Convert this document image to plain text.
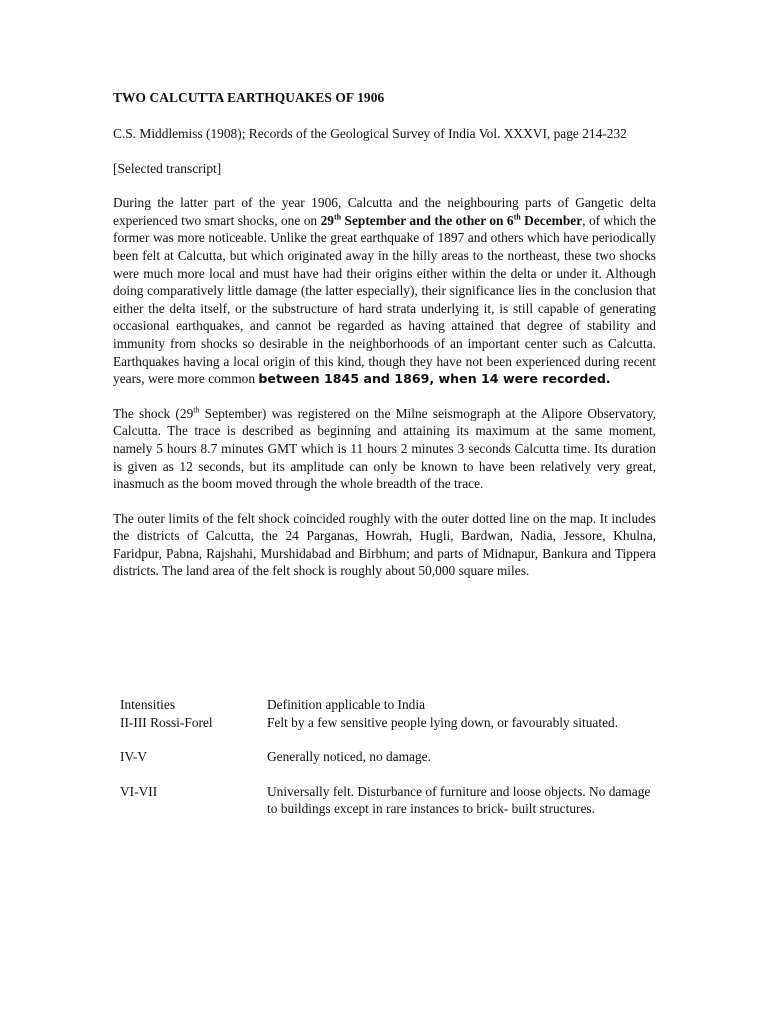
TWO CALCUTTA EARTHQUAKES OF 1906

C.S. Middlemiss (1908); Records of the Geological Survey of India Vol. XXXVI, page 214-232

[Selected transcript]

During the latter part of the year 1906, Calcutta and the neighbouring parts of Gangetic delta experienced two smart shocks, one on 29th September and the other on 6th December, of which the former was more noticeable. Unlike the great earthquake of 1897 and others which have periodically been felt at Calcutta, but which originated away in the hilly areas to the northeast, these two shocks were much more local and must have had their origins either within the delta or under it. Although doing comparatively little damage (the latter especially), their significance lies in the conclusion that either the delta itself, or the substructure of hard strata underlying it, is still capable of generating occasional earthquakes, and cannot be regarded as having attained that degree of stability and immunity from shocks so desirable in the neighborhoods of an important center such as Calcutta. Earthquakes having a local origin of this kind, though they have not been experienced during recent years, were more common between 1845 and 1869, when 14 were recorded.

The shock (29th September) was registered on the Milne seismograph at the Alipore Observatory, Calcutta. The trace is described as beginning and attaining its maximum at the same moment, namely 5 hours 8.7 minutes GMT which is 11 hours 2 minutes 3 seconds Calcutta time. Its duration is given as 12 seconds, but its amplitude can only be known to have been relatively very great, inasmuch as the boom moved through the whole breadth of the trace.

The outer limits of the felt shock coincided roughly with the outer dotted line on the map. It includes the districts of Calcutta, the 24 Parganas, Howrah, Hugli, Bardwan, Nadia, Jessore, Khulna, Faridpur, Pabna, Rajshahi, Murshidabad and Birbhum; and parts of Midnapur, Bankura and Tippera districts. The land area of the felt shock is roughly about 50,000 square miles.

Intensities	Definition applicable to India
II-III Rossi-Forel	Felt by a few sensitive people lying down, or favourably situated.

IV-V	Generally noticed, no damage.

VI-VII	Universally felt. Disturbance of furniture and loose objects. No damage to buildings except in rare instances to brick- built structures.
